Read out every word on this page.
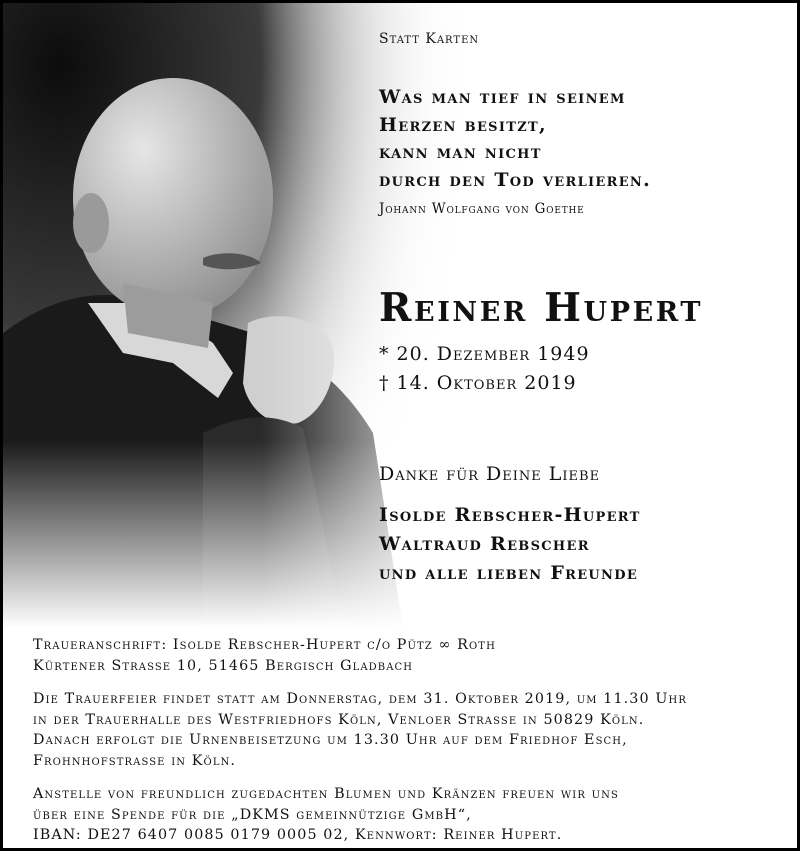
Statt Karten
Was man tief in seinem
Herzen besitzt,
kann man nicht
durch den Tod verlieren.
Johann Wolfgang von Goethe
Reiner Hupert
* 20. Dezember 1949
† 14. Oktober 2019
Danke für Deine Liebe
Isolde Rebscher-Hupert
Waltraud Rebscher
und alle lieben Freunde
Traueranschrift: Isolde Rebscher-Hupert c/o Pütz ∞ Roth
Kürtener Strasse 10, 51465 Bergisch Gladbach
Die Trauerfeier findet statt am Donnerstag, dem 31. Oktober 2019, um 11.30 Uhr
in der Trauerhalle des Westfriedhofs Köln, Venloer Strasse in 50829 Köln.
Danach erfolgt die Urnenbeisetzung um 13.30 Uhr auf dem Friedhof Esch,
Frohnhofstrasse in Köln.
Anstelle von freundlich zugedachten Blumen und Kränzen freuen wir uns
über eine Spende für die „DKMS gemeinnützige GmbH“,
IBAN: DE27 6407 0085 0179 0005 02, Kennwort: Reiner Hupert.
